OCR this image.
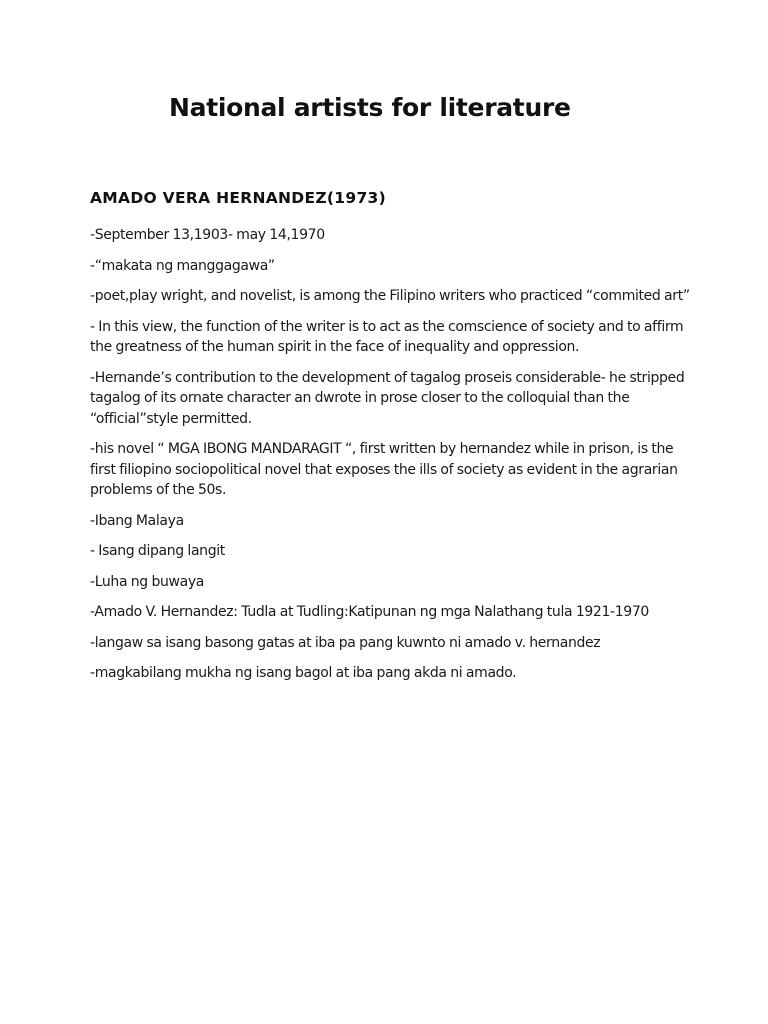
National artists for literature
AMADO VERA HERNANDEZ(1973)

-September 13,1903- may 14,1970

-“makata ng manggagawa”

-poet,play wright, and novelist, is among the Filipino writers who practiced “commited art”

- In this view, the function of the writer is to act as the comscience of society and to affirm the greatness of the human spirit in the face of inequality and oppression.

-Hernande’s contribution to the development of tagalog proseis considerable- he stripped tagalog of its ornate character an dwrote in prose closer to the colloquial than the “official”style permitted.

-his novel “ MGA IBONG MANDARAGIT “, first written by hernandez while in prison, is the first filiopino sociopolitical novel that exposes the ills of society as evident in the agrarian problems of the 50s.

-Ibang Malaya

- Isang dipang langit

-Luha ng buwaya

-Amado V. Hernandez: Tudla at Tudling:Katipunan ng mga Nalathang tula 1921-1970

-langaw sa isang basong gatas at iba pa pang kuwnto ni amado v. hernandez

-magkabilang mukha ng isang bagol at iba pang akda ni amado.
